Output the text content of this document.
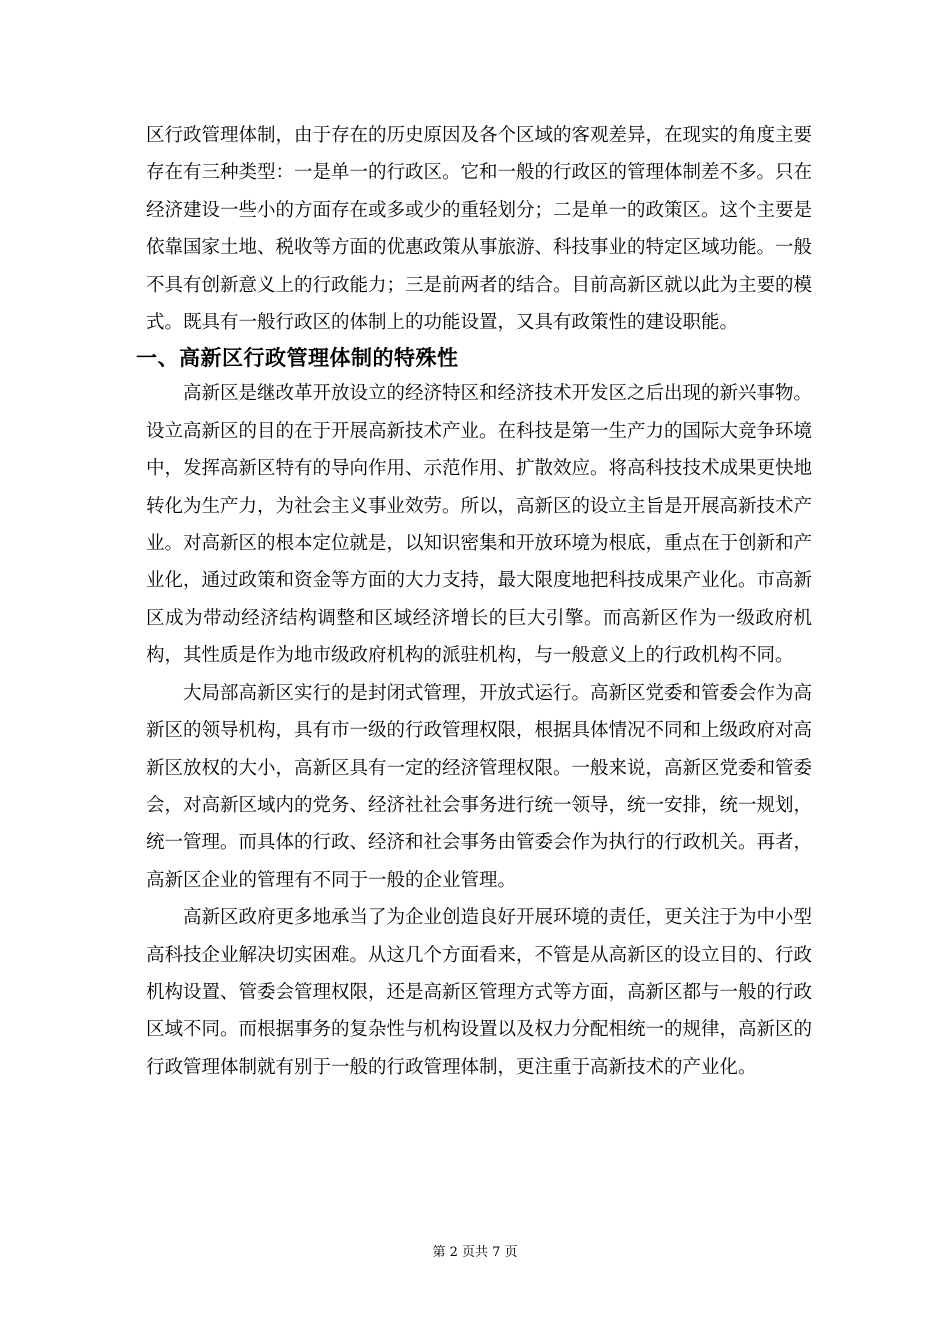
区行政管理体制，由于存在的历史原因及各个区域的客观差异，在现实的角度主要存在有三种类型：一是单一的行政区。它和一般的行政区的管理体制差不多。只在经济建设一些小的方面存在或多或少的重轻划分；二是单一的政策区。这个主要是依靠国家土地、税收等方面的优惠政策从事旅游、科技事业的特定区域功能。一般不具有创新意义上的行政能力；三是前两者的结合。目前高新区就以此为主要的模式。既具有一般行政区的体制上的功能设置，又具有政策性的建设职能。

一、高新区行政管理体制的特殊性

高新区是继改革开放设立的经济特区和经济技术开发区之后出现的新兴事物。设立高新区的目的在于开展高新技术产业。在科技是第一生产力的国际大竞争环境中，发挥高新区特有的导向作用、示范作用、扩散效应。将高科技技术成果更快地转化为生产力，为社会主义事业效劳。所以，高新区的设立主旨是开展高新技术产业。对高新区的根本定位就是，以知识密集和开放环境为根底，重点在于创新和产业化，通过政策和资金等方面的大力支持，最大限度地把科技成果产业化。市高新区成为带动经济结构调整和区域经济增长的巨大引擎。而高新区作为一级政府机构，其性质是作为地市级政府机构的派驻机构，与一般意义上的行政机构不同。

大局部高新区实行的是封闭式管理，开放式运行。高新区党委和管委会作为高新区的领导机构，具有市一级的行政管理权限，根据具体情况不同和上级政府对高新区放权的大小，高新区具有一定的经济管理权限。一般来说，高新区党委和管委会，对高新区域内的党务、经济社社会事务进行统一领导，统一安排，统一规划，统一管理。而具体的行政、经济和社会事务由管委会作为执行的行政机关。再者，高新区企业的管理有不同于一般的企业管理。

高新区政府更多地承当了为企业创造良好开展环境的责任，更关注于为中小型高科技企业解决切实困难。从这几个方面看来，不管是从高新区的设立目的、行政机构设置、管委会管理权限，还是高新区管理方式等方面，高新区都与一般的行政区域不同。而根据事务的复杂性与机构设置以及权力分配相统一的规律，高新区的行政管理体制就有别于一般的行政管理体制，更注重于高新技术的产业化。

第 2 页共 7 页
